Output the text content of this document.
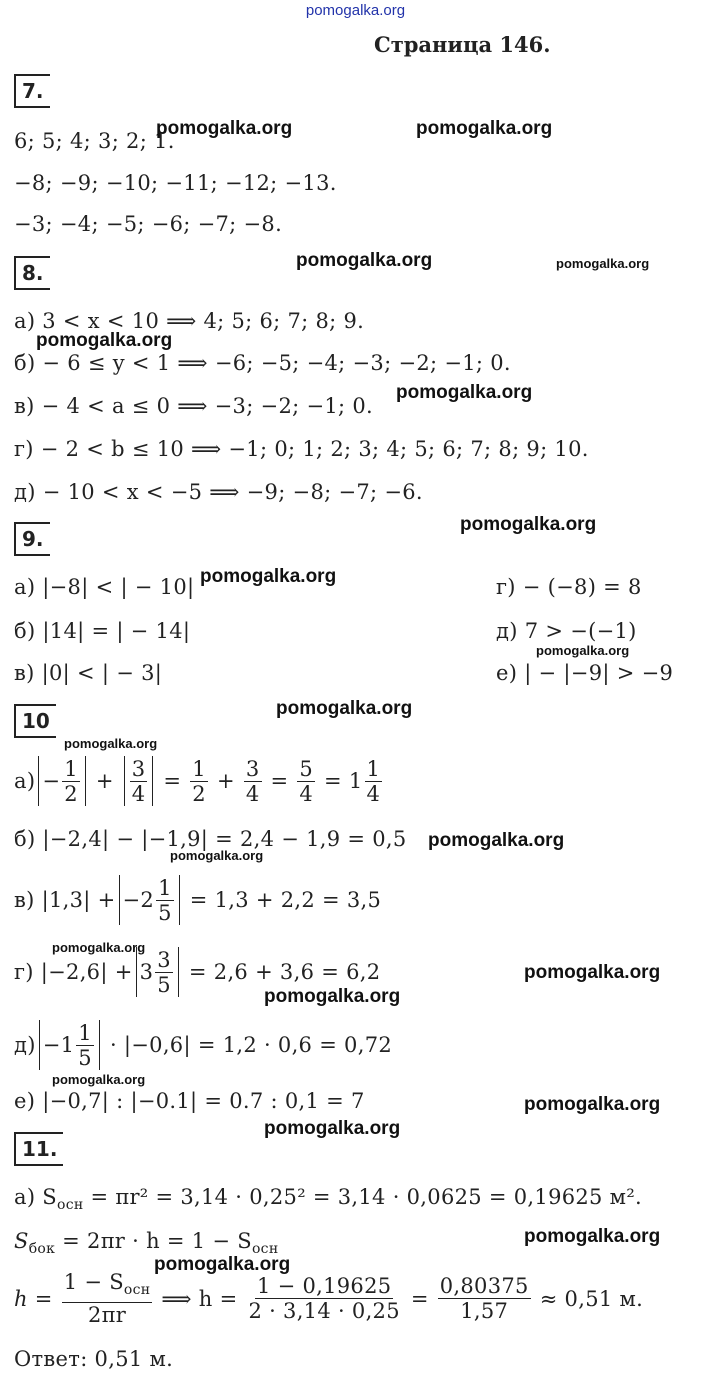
pomogalka.org
Страница 146.
7.
6; 5; 4; 3; 2; 1.
−8; −9; −10; −11; −12; −13.
−3; −4; −5; −6; −7; −8.
8.
а) 3 < x < 10 ⟹ 4; 5; 6; 7; 8; 9.
б) − 6 ≤ y < 1 ⟹ −6; −5; −4; −3; −2; −1; 0.
в) − 4 < a ≤ 0 ⟹ −3; −2; −1; 0.
г) − 2 < b ≤ 10 ⟹ −1; 0; 1; 2; 3; 4; 5; 6; 7; 8; 9; 10.
д) − 10 < x < −5 ⟹ −9; −8; −7; −6.
9.
а) |−8| < | − 10|
б) |14| = | − 14|
в) |0| < | − 3|
г) − (−8) = 8
д) 7 > −(−1)
е) | − |−9| > −9
10
$а) - \frac{1}{2} + \frac{3}{4} = \frac{1}{2} + \frac{3}{4} = \frac{5}{4} = 1 \frac{1}{4}$
б) |−2,4| − |−1,9| = 2,4 − 1,9 = 0,5
в) $|1,3| + -2 \frac{1}{5}$
= 1,3 + 2,2 = 3,5
г) $|-2,6| + 3 \frac{3}{5}$
= 2,6 + 3,6 = 6,2
$д) -1 \frac{1}{5}$
· |−0,6| = 1,2 · 0,6 = 0,72
е) |−0,7| : |−0.1| = 0.7 : 0,1 = 7
11.
а) $S_{осн} = \pi r^2 = 3,14 \cdot 0,25^2 = 3,14 \cdot 0,0625 = 0,19625$ м².
$S_{бок} = 2\pi r \cdot h = 1 - S_{осн}$
h =
$\frac{1 - S_{осн}}{2\pi r}$
⟹ h =
$\frac{1 - 0,19625}{2 \cdot 3,14 \cdot 0,25} = \frac{0,80375}{1,57}$
≈ 0,51 м.
Ответ: 0,51 м.
pomogalka.org	pomogalka.org
pomogalka.org	pomogalka.org
pomogalka.org
pomogalka.org
pomogalka.org
pomogalka.org
pomogalka.org
pomogalka.org
pomogalka.org
pomogalka.org
pomogalka.org
pomogalka.org
pomogalka.org
pomogalka.org
pomogalka.org
pomogalka.org
pomogalka.org
pomogalka.org
pomogalka.org
